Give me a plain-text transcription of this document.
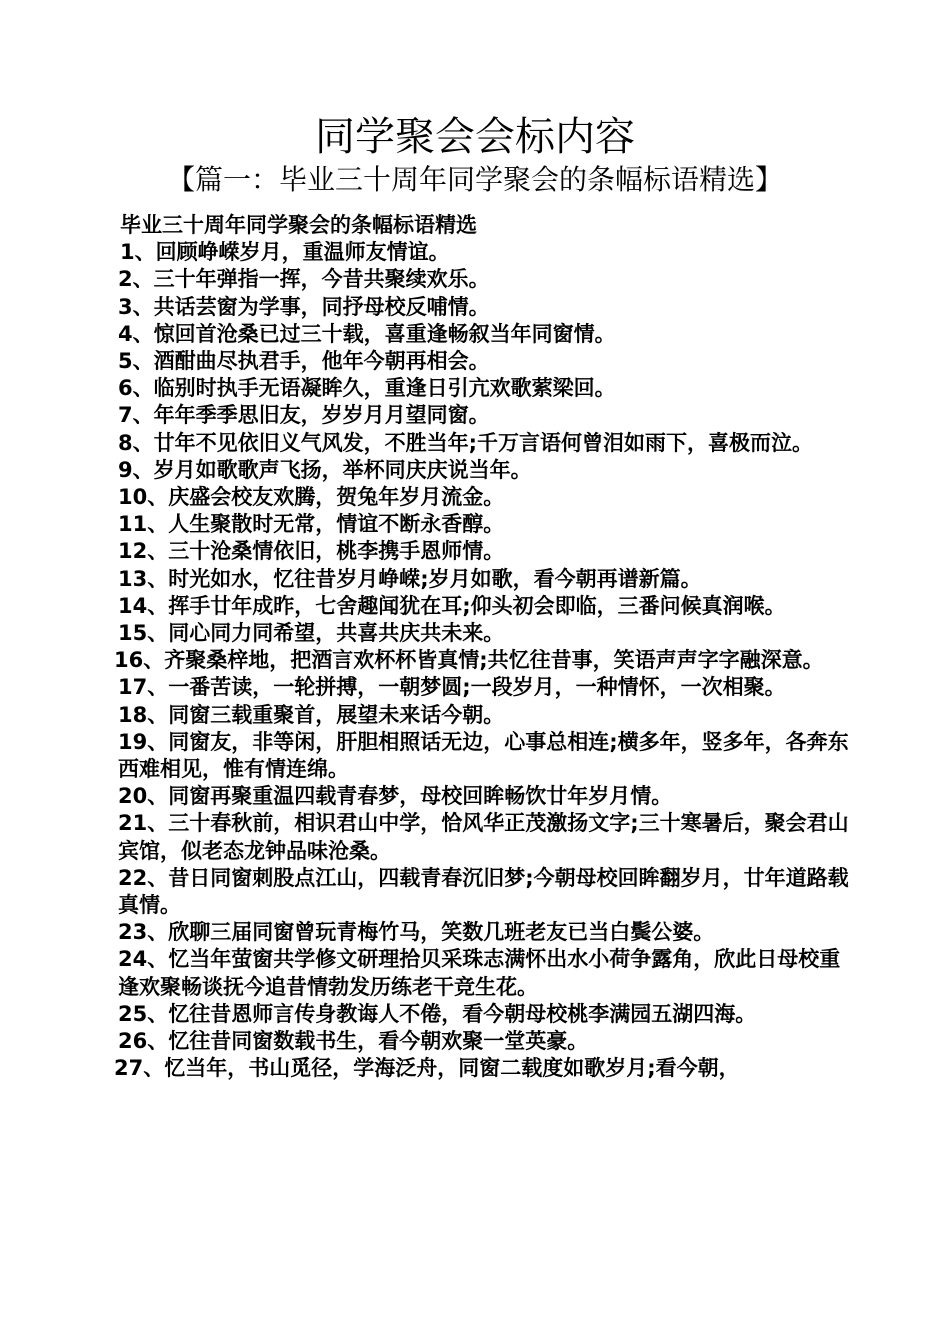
同学聚会会标内容
【篇一：毕业三十周年同学聚会的条幅标语精选】

毕业三十周年同学聚会的条幅标语精选

1、回顾峥嵘岁月，重温师友情谊。
2、三十年弹指一挥，今昔共聚续欢乐。
3、共话芸窗为学事，同抒母校反哺情。
4、惊回首沧桑已过三十载，喜重逢畅叙当年同窗情。
5、酒酣曲尽执君手，他年今朝再相会。
6、临别时执手无语凝眸久，重逢日引亢欢歌萦梁回。
7、年年季季思旧友，岁岁月月望同窗。
8、廿年不见依旧义气风发，不胜当年;千万言语何曾泪如雨下，喜极而泣。
9、岁月如歌歌声飞扬，举杯同庆庆说当年。
10、庆盛会校友欢腾，贺兔年岁月流金。
11、人生聚散时无常，情谊不断永香醇。
12、三十沧桑情依旧，桃李携手恩师情。
13、时光如水，忆往昔岁月峥嵘;岁月如歌，看今朝再谱新篇。
14、挥手廿年成昨，七舍趣闻犹在耳;仰头初会即临，三番问候真润喉。
15、同心同力同希望，共喜共庆共未来。
16、齐聚桑梓地，把酒言欢杯杯皆真情;共忆往昔事，笑语声声字字融深意。
17、一番苦读，一轮拼搏，一朝梦圆;一段岁月，一种情怀，一次相聚。
18、同窗三载重聚首，展望未来话今朝。
19、同窗友，非等闲，肝胆相照话无边，心事总相连;横多年，竖多年，各奔东西难相见，惟有情连绵。
20、同窗再聚重温四载青春梦，母校回眸畅饮廿年岁月情。
21、三十春秋前，相识君山中学，恰风华正茂激扬文字;三十寒暑后，聚会君山宾馆，似老态龙钟品味沧桑。
22、昔日同窗刺股点江山，四载青春沉旧梦;今朝母校回眸翻岁月，廿年道路载真情。
23、欣聊三届同窗曾玩青梅竹马，笑数几班老友已当白鬓公婆。
24、忆当年萤窗共学修文研理拾贝采珠志满怀出水小荷争露角，欣此日母校重逢欢聚畅谈抚今追昔情勃发历练老干竞生花。
25、忆往昔恩师言传身教诲人不倦，看今朝母校桃李满园五湖四海。
26、忆往昔同窗数载书生，看今朝欢聚一堂英豪。
27、忆当年，书山觅径，学海泛舟，同窗二载度如歌岁月;看今朝，
